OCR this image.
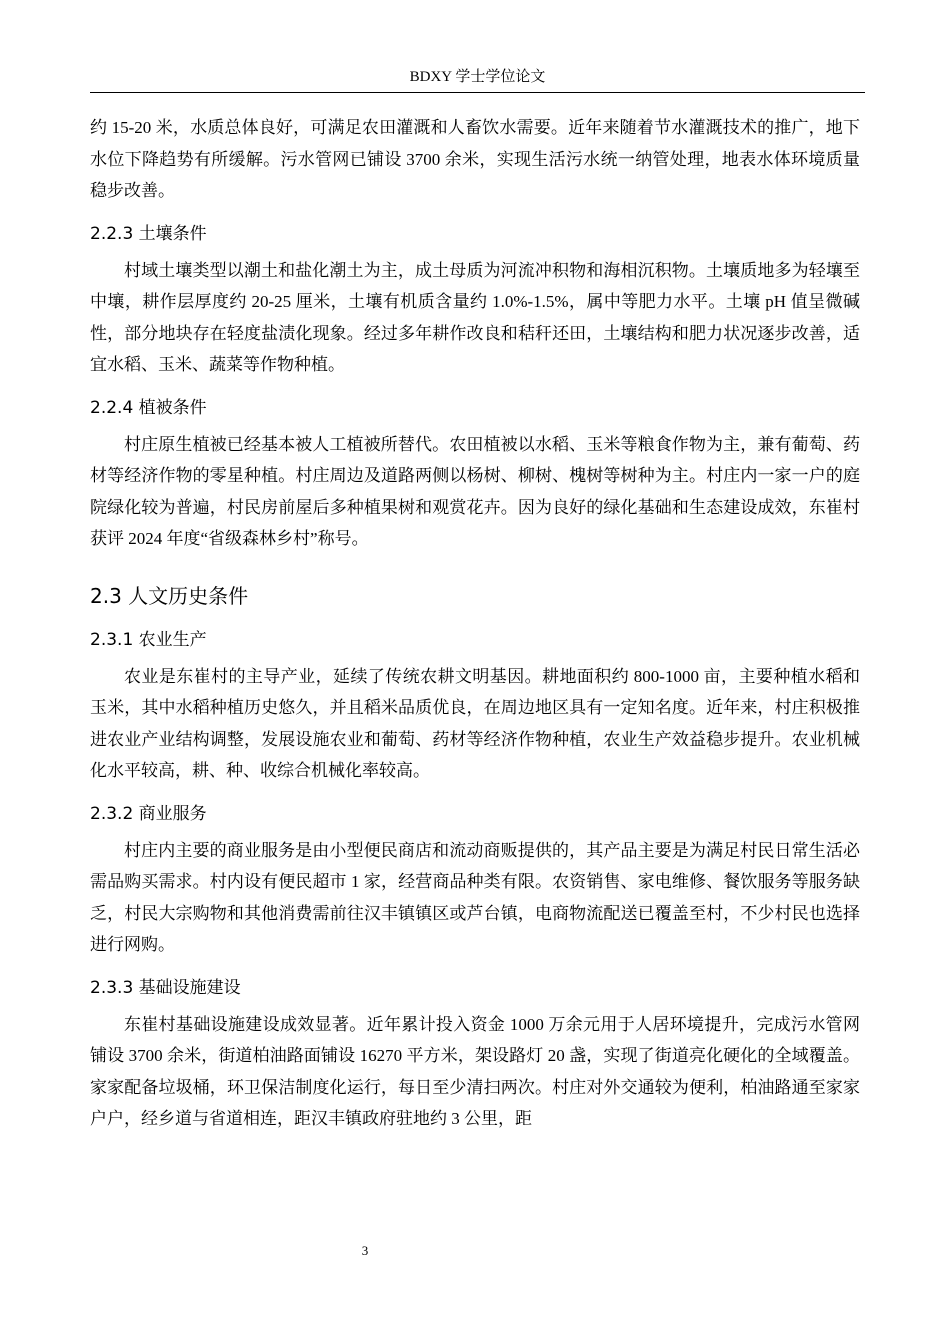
BDXY 学士学位论文

约 15-20 米，水质总体良好，可满足农田灌溉和人畜饮水需要。近年来随着节水灌溉技术的推广，地下水位下降趋势有所缓解。污水管网已铺设 3700 余米，实现生活污水统一纳管处理，地表水体环境质量稳步改善。

2.2.3 土壤条件

村域土壤类型以潮土和盐化潮土为主，成土母质为河流冲积物和海相沉积物。土壤质地多为轻壤至中壤，耕作层厚度约 20-25 厘米，土壤有机质含量约 1.0%-1.5%，属中等肥力水平。土壤 pH 值呈微碱性，部分地块存在轻度盐渍化现象。经过多年耕作改良和秸秆还田，土壤结构和肥力状况逐步改善，适宜水稻、玉米、蔬菜等作物种植。

2.2.4 植被条件

村庄原生植被已经基本被人工植被所替代。农田植被以水稻、玉米等粮食作物为主，兼有葡萄、药材等经济作物的零星种植。村庄周边及道路两侧以杨树、柳树、槐树等树种为主。村庄内一家一户的庭院绿化较为普遍，村民房前屋后多种植果树和观赏花卉。因为良好的绿化基础和生态建设成效，东崔村获评 2024 年度“省级森林乡村”称号。

2.3 人文历史条件
2.3.1 农业生产

农业是东崔村的主导产业，延续了传统农耕文明基因。耕地面积约 800-1000 亩，主要种植水稻和玉米，其中水稻种植历史悠久，并且稻米品质优良，在周边地区具有一定知名度。近年来，村庄积极推进农业产业结构调整，发展设施农业和葡萄、药材等经济作物种植，农业生产效益稳步提升。农业机械化水平较高，耕、种、收综合机械化率较高。

2.3.2 商业服务

村庄内主要的商业服务是由小型便民商店和流动商贩提供的，其产品主要是为满足村民日常生活必需品购买需求。村内设有便民超市 1 家，经营商品种类有限。农资销售、家电维修、餐饮服务等服务缺乏，村民大宗购物和其他消费需前往汉丰镇镇区或芦台镇，电商物流配送已覆盖至村，不少村民也选择进行网购。

2.3.3 基础设施建设

东崔村基础设施建设成效显著。近年累计投入资金 1000 万余元用于人居环境提升，完成污水管网铺设 3700 余米，街道柏油路面铺设 16270 平方米，架设路灯 20 盏，实现了街道亮化硬化的全域覆盖。家家配备垃圾桶，环卫保洁制度化运行，每日至少清扫两次。村庄对外交通较为便利，柏油路通至家家户户，经乡道与省道相连，距汉丰镇政府驻地约 3 公里，距

3
